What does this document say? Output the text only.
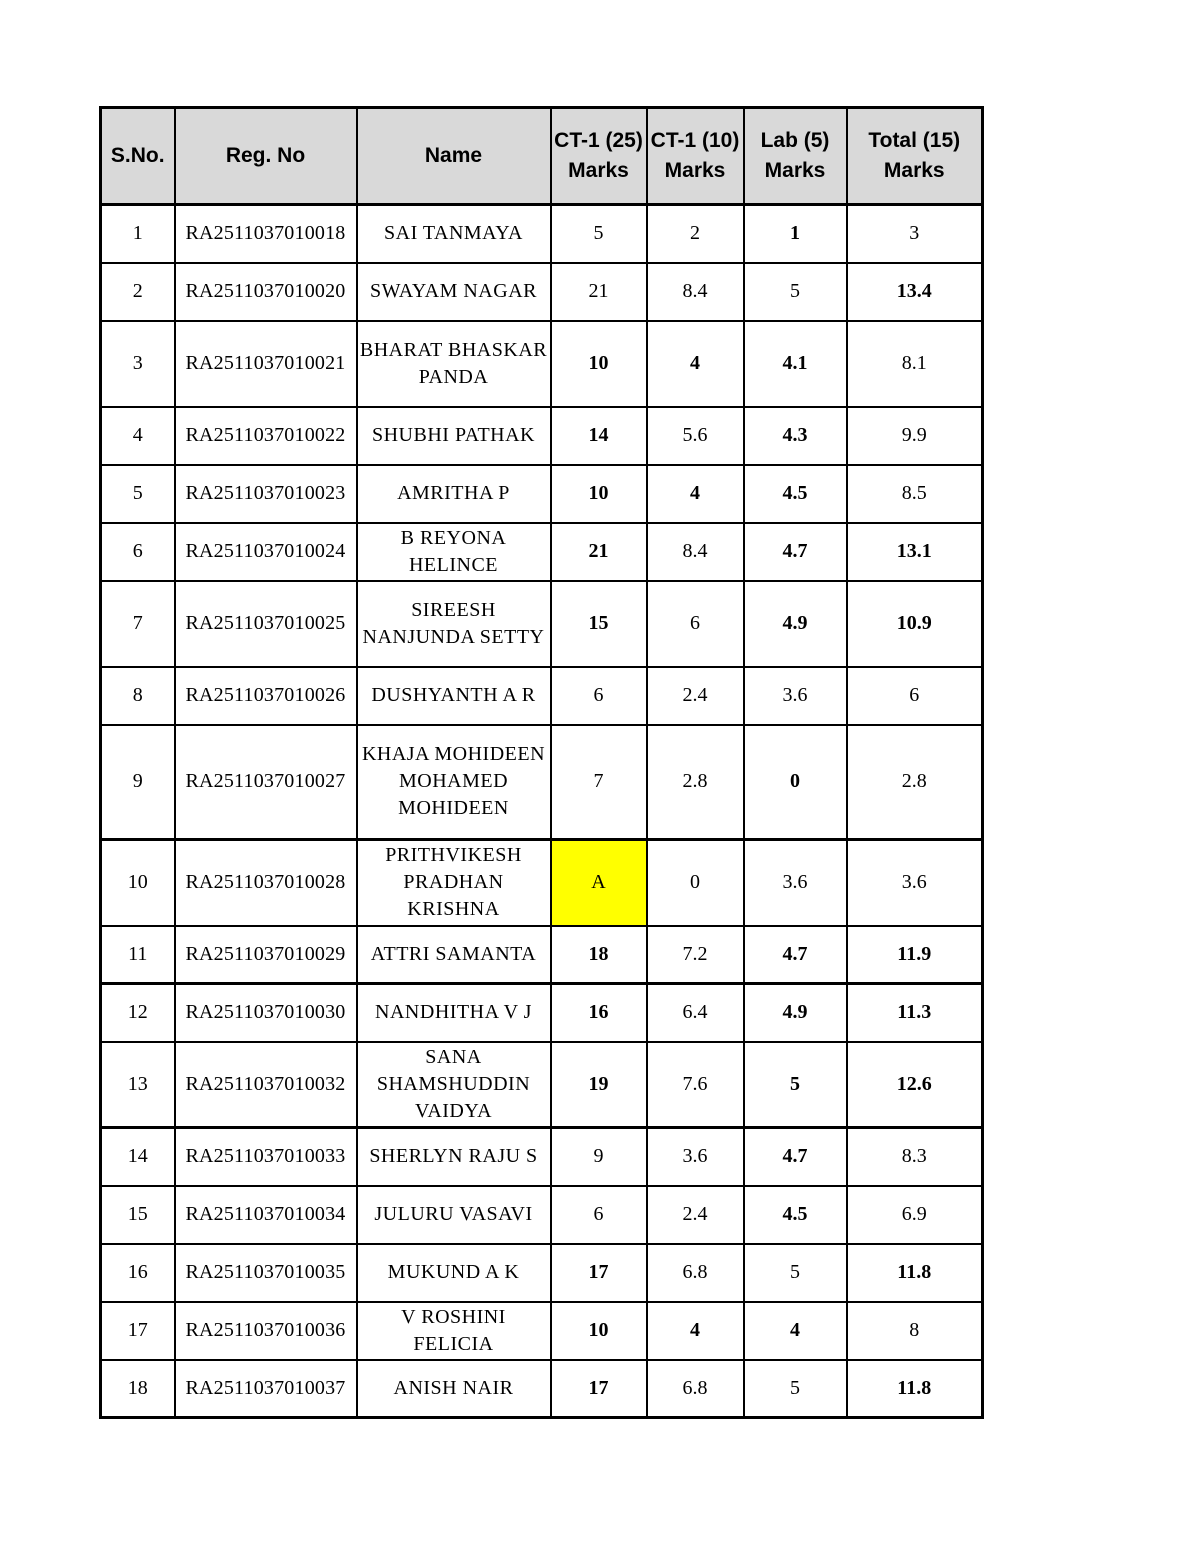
S.No.	Reg. No	Name	CT-1 (25) Marks	CT-1 (10) Marks	Lab (5) Marks	Total (15) Marks
1	RA2511037010018	SAI TANMAYA	5	2	1	3
2	RA2511037010020	SWAYAM NAGAR	21	8.4	5	13.4
3	RA2511037010021	BHARAT BHASKAR PANDA	10	4	4.1	8.1
4	RA2511037010022	SHUBHI PATHAK	14	5.6	4.3	9.9
5	RA2511037010023	AMRITHA P	10	4	4.5	8.5
6	RA2511037010024	B REYONA HELINCE	21	8.4	4.7	13.1
7	RA2511037010025	SIREESH NANJUNDA SETTY	15	6	4.9	10.9
8	RA2511037010026	DUSHYANTH A R	6	2.4	3.6	6
9	RA2511037010027	KHAJA MOHIDEEN MOHAMED MOHIDEEN	7	2.8	0	2.8
10	RA2511037010028	PRITHVIKESH PRADHAN KRISHNA	A	0	3.6	3.6
11	RA2511037010029	ATTRI SAMANTA	18	7.2	4.7	11.9
12	RA2511037010030	NANDHITHA V J	16	6.4	4.9	11.3
13	RA2511037010032	SANA SHAMSHUDDIN VAIDYA	19	7.6	5	12.6
14	RA2511037010033	SHERLYN RAJU S	9	3.6	4.7	8.3
15	RA2511037010034	JULURU VASAVI	6	2.4	4.5	6.9
16	RA2511037010035	MUKUND A K	17	6.8	5	11.8
17	RA2511037010036	V ROSHINI FELICIA	10	4	4	8
18	RA2511037010037	ANISH NAIR	17	6.8	5	11.8
